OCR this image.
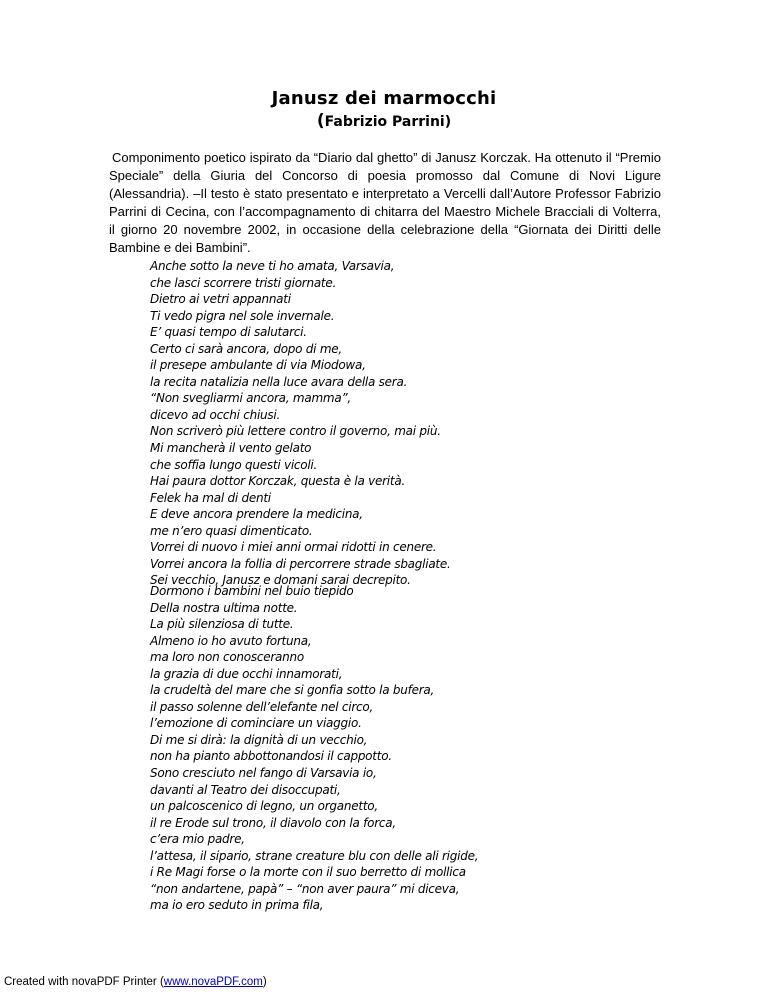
Janusz dei marmocchi
(Fabrizio Parrini)
Componimento poetico ispirato da “Diario dal ghetto” di Janusz Korczak. Ha ottenuto il “Premio Speciale” della Giuria del Concorso di poesia promosso dal Comune di Novi Ligure (Alessandria). –Il testo è stato presentato e interpretato a Vercelli dall’Autore Professor Fabrizio Parrini di Cecina, con l’accompagnamento di chitarra del Maestro Michele Bracciali di Volterra, il giorno 20 novembre 2002, in occasione della celebrazione della “Giornata dei Diritti delle Bambine e dei Bambini”.
Anche sotto la neve ti ho amata, Varsavia,
che lasci scorrere tristi giornate.
Dietro ai vetri appannati
Ti vedo pigra nel sole invernale.
E’ quasi tempo di salutarci.
Certo ci sarà ancora, dopo di me,
il presepe ambulante di via Miodowa,
la recita natalizia nella luce avara della sera.
“Non svegliarmi ancora, mamma”,
dicevo ad occhi chiusi.
Non scriverò più lettere contro il governo, mai più.
Mi mancherà il vento gelato
che soffia lungo questi vicoli.
Hai paura dottor Korczak, questa è la verità.
Felek ha mal di denti
E deve ancora prendere la medicina,
me n’ero quasi dimenticato.
Vorrei di nuovo i miei anni ormai ridotti in cenere.
Vorrei ancora la follia di percorrere strade sbagliate.
Sei vecchio, Janusz e domani sarai decrepito.
Dormono i bambini nel buio tiepido
Della nostra ultima notte.
La più silenziosa di tutte.
Almeno io ho avuto fortuna,
ma loro non conosceranno
la grazia di due occhi innamorati,
la crudeltà del mare che si gonfia sotto la bufera,
il passo solenne dell’elefante nel circo,
l’emozione di cominciare un viaggio.
Di me si dirà: la dignità di un vecchio,
non ha pianto abbottonandosi il cappotto.
Sono cresciuto nel fango di Varsavia io,
davanti al Teatro dei disoccupati,
un palcoscenico di legno, un organetto,
il re Erode sul trono, il diavolo con la forca,
c’era mio padre,
l’attesa, il sipario, strane creature blu con delle ali rigide,
i Re Magi forse o la morte con il suo berretto di mollica
“non andartene, papà” – “non aver paura” mi diceva,
ma io ero seduto in prima fila,
Created with novaPDF Printer (www.novaPDF.com)
